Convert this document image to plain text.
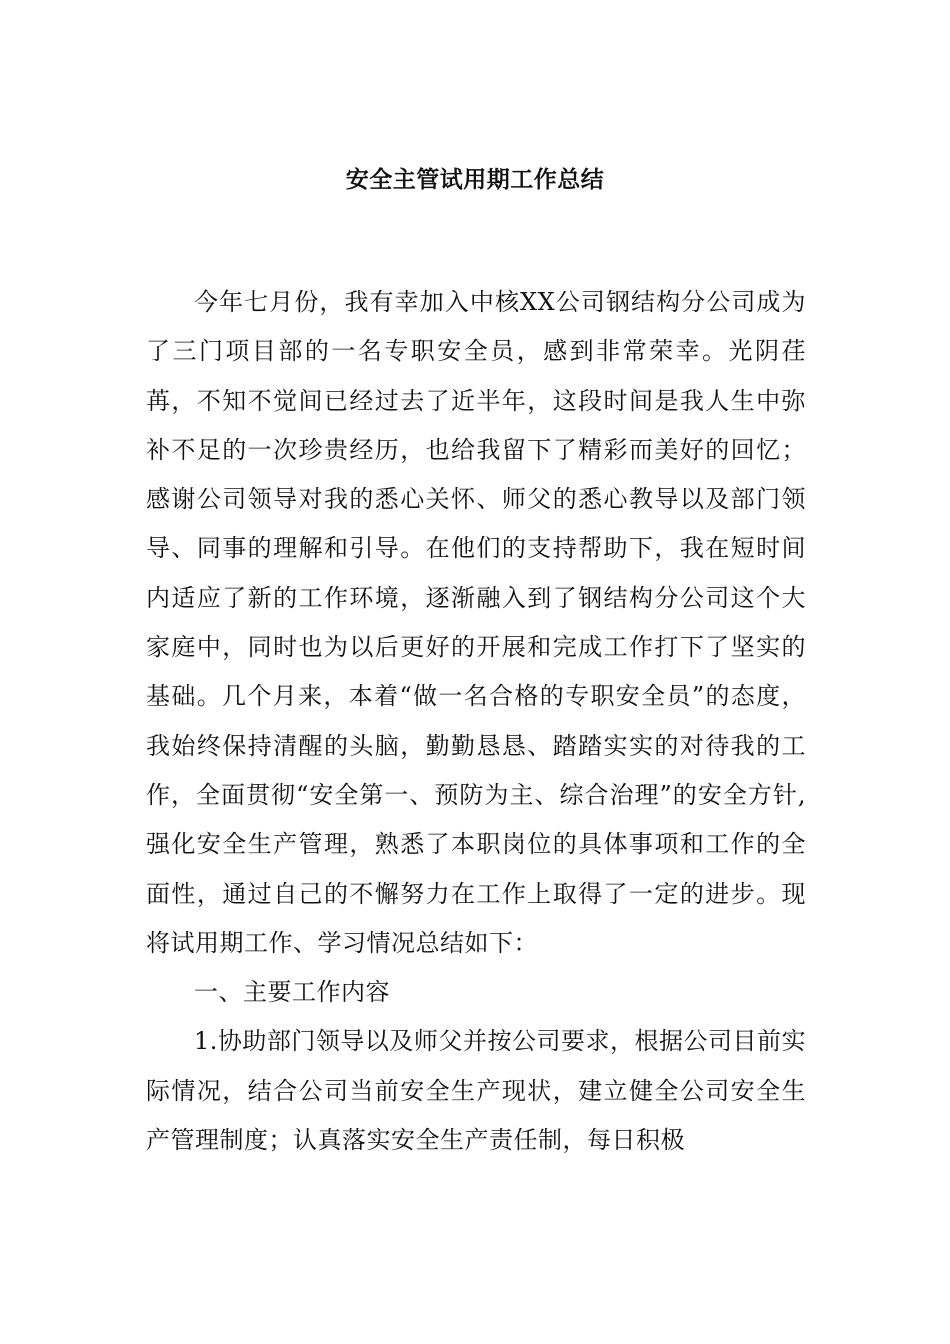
安全主管试用期工作总结

今年七月份，我有幸加入中核XX公司钢结构分公司成为了三门项目部的一名专职安全员，感到非常荣幸。光阴荏苒，不知不觉间已经过去了近半年，这段时间是我人生中弥补不足的一次珍贵经历，也给我留下了精彩而美好的回忆；感谢公司领导对我的悉心关怀、师父的悉心教导以及部门领导、同事的理解和引导。在他们的支持帮助下，我在短时间内适应了新的工作环境，逐渐融入到了钢结构分公司这个大家庭中，同时也为以后更好的开展和完成工作打下了坚实的基础。几个月来，本着“做一名合格的专职安全员”的态度，我始终保持清醒的头脑，勤勤恳恳、踏踏实实的对待我的工作，全面贯彻“安全第一、预防为主、综合治理”的安全方针,强化安全生产管理，熟悉了本职岗位的具体事项和工作的全面性，通过自己的不懈努力在工作上取得了一定的进步。现将试用期工作、学习情况总结如下：

一、主要工作内容

1.协助部门领导以及师父并按公司要求，根据公司目前实际情况，结合公司当前安全生产现状，建立健全公司安全生产管理制度；认真落实安全生产责任制，每日积极
